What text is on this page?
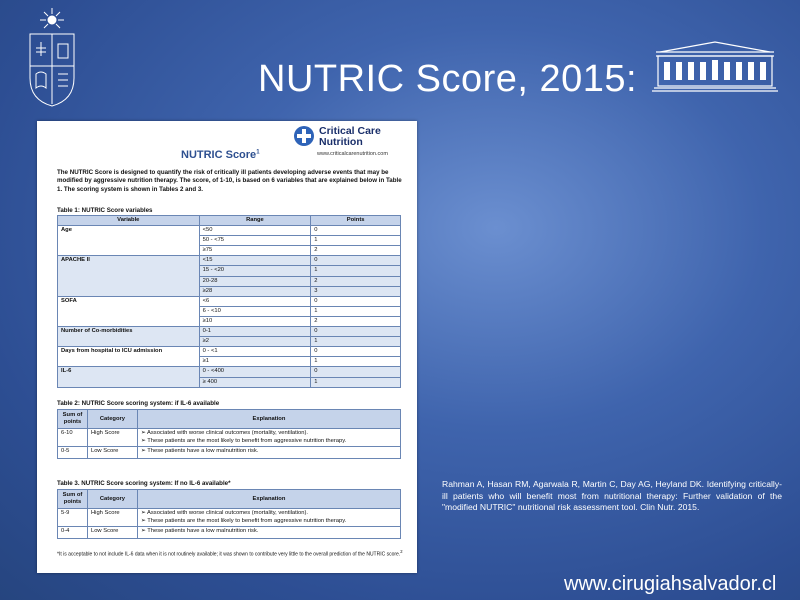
NUTRIC Score, 2015:
Critical Care
Nutrition
www.criticalcarenutrition.com
NUTRIC Score$^1$
The NUTRIC Score is designed to quantify the risk of critically ill patients developing adverse events that may be modified by aggressive nutrition therapy. The score, of 1-10, is based on 6 variables that are explained below in Table 1. The scoring system is shown in Tables 2 and 3.
Table 1: NUTRIC Score variables
Variable	Range	Points
Age	<50	0
	50 - <75	1
	≥75	2
APACHE II	<15	0
	15 - <20	1
	20-28	2
	≥28	3
SOFA	<6	0
	6 - <10	1
	≥10	2
Number of Co-morbidities	0-1	0
	≥2	1
Days from hospital to ICU admission	0 - <1	0
	≥1	1
IL-6	0 - <400	0
	≥ 400	1
Table 2: NUTRIC Score scoring system: if IL-6 available
Sum of points	Category	Explanation
6-10	High Score	➢ Associated with worse clinical outcomes (mortality, ventilation).
➢ These patients are the most likely to benefit from aggressive nutrition therapy.

0-5	Low Score	➢ These patients have a low malnutrition risk.
Table 3. NUTRIC Score scoring system: If no IL-6 available*
Sum of points	Category	Explanation
5-9	High Score	➢ Associated with worse clinical outcomes (mortality, ventilation).
➢ These patients are the most likely to benefit from aggressive nutrition therapy.

0-4	Low Score	➢ These patients have a low malnutrition risk.
*It is acceptable to not include IL-6 data when it is not routinely available; it was shown to contribute very little to the overall prediction of the NUTRIC score.$^2$
Rahman A, Hasan RM, Agarwala R, Martin C, Day AG, Heyland DK. Identifying critically-ill patients who will benefit most from nutritional therapy: Further validation of the "modified NUTRIC" nutritional risk assessment tool. Clin Nutr. 2015.
www.cirugiahsalvador.cl
